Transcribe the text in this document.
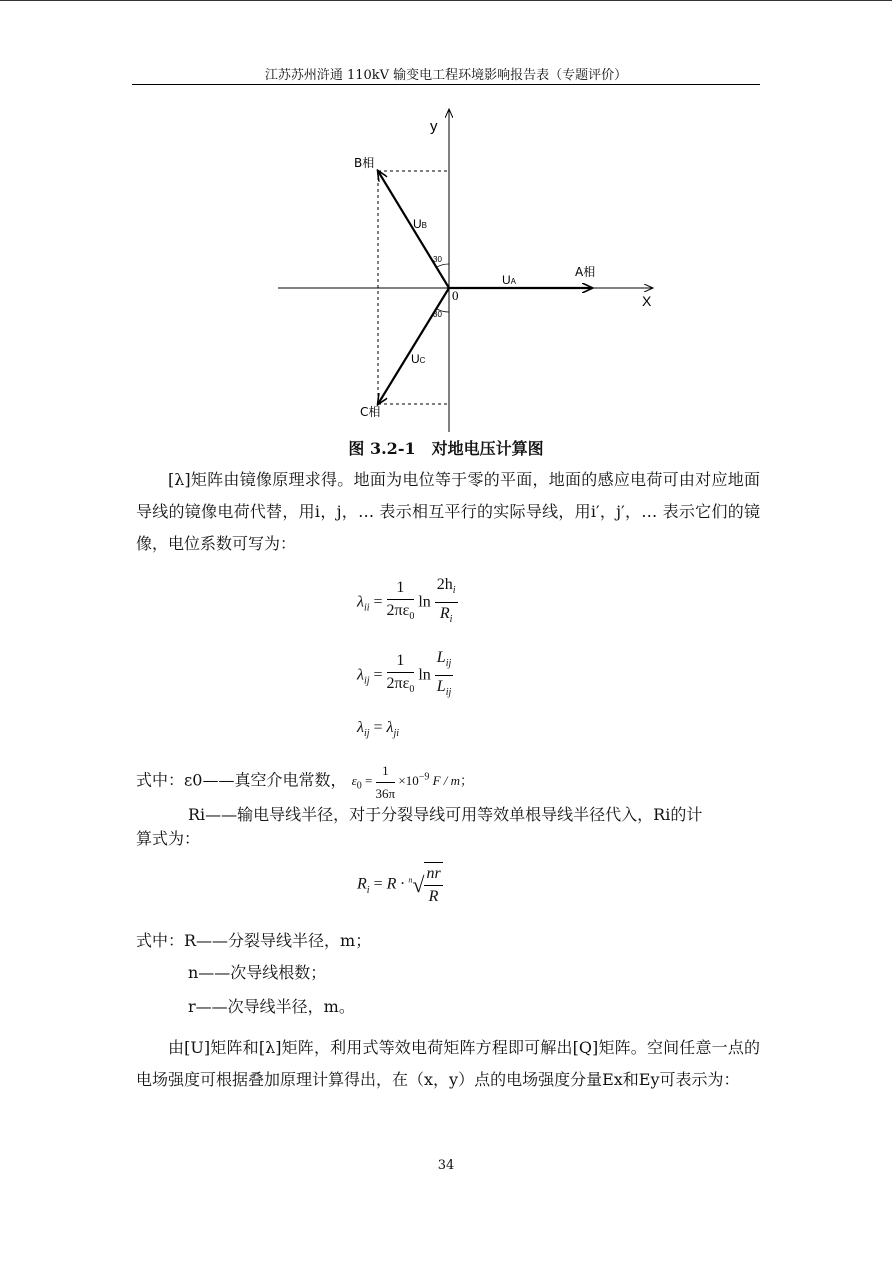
江苏苏州浒通 110kV 输变电工程环境影响报告表（专题评价）
y
X
0
A相
B相
C相
UA
UB
UC
30
30
图 3.2-1　对地电压计算图
[λ]矩阵由镜像原理求得。地面为电位等于零的平面，地面的感应电荷可由对应地面导线的镜像电荷代替，用i，j，… 表示相互平行的实际导线，用i′，j′，… 表示它们的镜像，电位系数可写为：
$\lambda_{ii} = \frac{1}{2\pi\varepsilon_0}$ $\ln \frac{2h_i}{R_i}$
$\lambda_{ij} = \frac{1}{2\pi\varepsilon_0}$ $\ln \frac{L_{ij}}{L_{ij}}$
$\lambda_{ij} = \lambda_{ji}$
式中：ε0——真空介电常数， $\varepsilon_0 = \frac{1}{36\pi} \times 10^{-9}$ F / m；
Ri——输电导线半径，对于分裂导线可用等效单根导线半径代入，Ri的计
算式为：
$R_i = R \cdot ^n√ \frac{nr}{R}$
式中：R——分裂导线半径，m；
n——次导线根数；
r——次导线半径，m。
由[U]矩阵和[λ]矩阵，利用式等效电荷矩阵方程即可解出[Q]矩阵。空间任意一点的电场强度可根据叠加原理计算得出，在（x，y）点的电场强度分量Ex和Ey可表示为：
34
